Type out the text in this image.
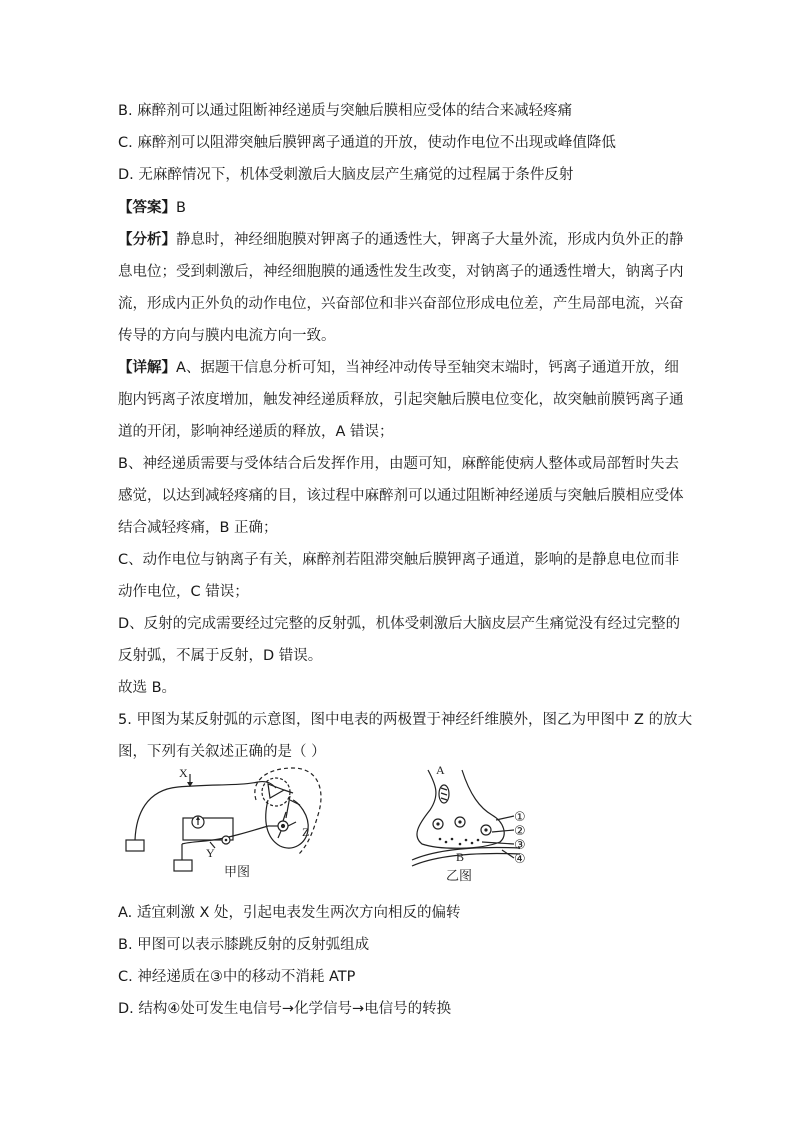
B. 麻醉剂可以通过阻断神经递质与突触后膜相应受体的结合来减轻疼痛
C. 麻醉剂可以阻滞突触后膜钾离子通道的开放，使动作电位不出现或峰值降低
D. 无麻醉情况下，机体受刺激后大脑皮层产生痛觉的过程属于条件反射
【答案】B
【分析】静息时，神经细胞膜对钾离子的通透性大，钾离子大量外流，形成内负外正的静
息电位；受到刺激后，神经细胞膜的通透性发生改变，对钠离子的通透性增大，钠离子内
流，形成内正外负的动作电位，兴奋部位和非兴奋部位形成电位差，产生局部电流，兴奋
传导的方向与膜内电流方向一致。
【详解】A、据题干信息分析可知，当神经冲动传导至轴突末端时，钙离子通道开放，细
胞内钙离子浓度增加，触发神经递质释放，引起突触后膜电位变化，故突触前膜钙离子通
道的开闭，影响神经递质的释放，A 错误；
B、神经递质需要与受体结合后发挥作用，由题可知，麻醉能使病人整体或局部暂时失去
感觉，以达到减轻疼痛的目，该过程中麻醉剂可以通过阻断神经递质与突触后膜相应受体
结合减轻疼痛，B 正确；
C、动作电位与钠离子有关，麻醉剂若阻滞突触后膜钾离子通道，影响的是静息电位而非
动作电位，C 错误；
D、反射的完成需要经过完整的反射弧，机体受刺激后大脑皮层产生痛觉没有经过完整的
反射弧，不属于反射，D 错误。
故选 B。
5. 甲图为某反射弧的示意图，图中电表的两极置于神经纤维膜外，图乙为甲图中 Z 的放大
图，下列有关叙述正确的是（ ）
X
Y
Z
甲图
A
B
①
②
③
④
乙图
A. 适宜刺激 X 处，引起电表发生两次方向相反的偏转
B. 甲图可以表示膝跳反射的反射弧组成
C. 神经递质在③中的移动不消耗 ATP
D. 结构④处可发生电信号→化学信号→电信号的转换
